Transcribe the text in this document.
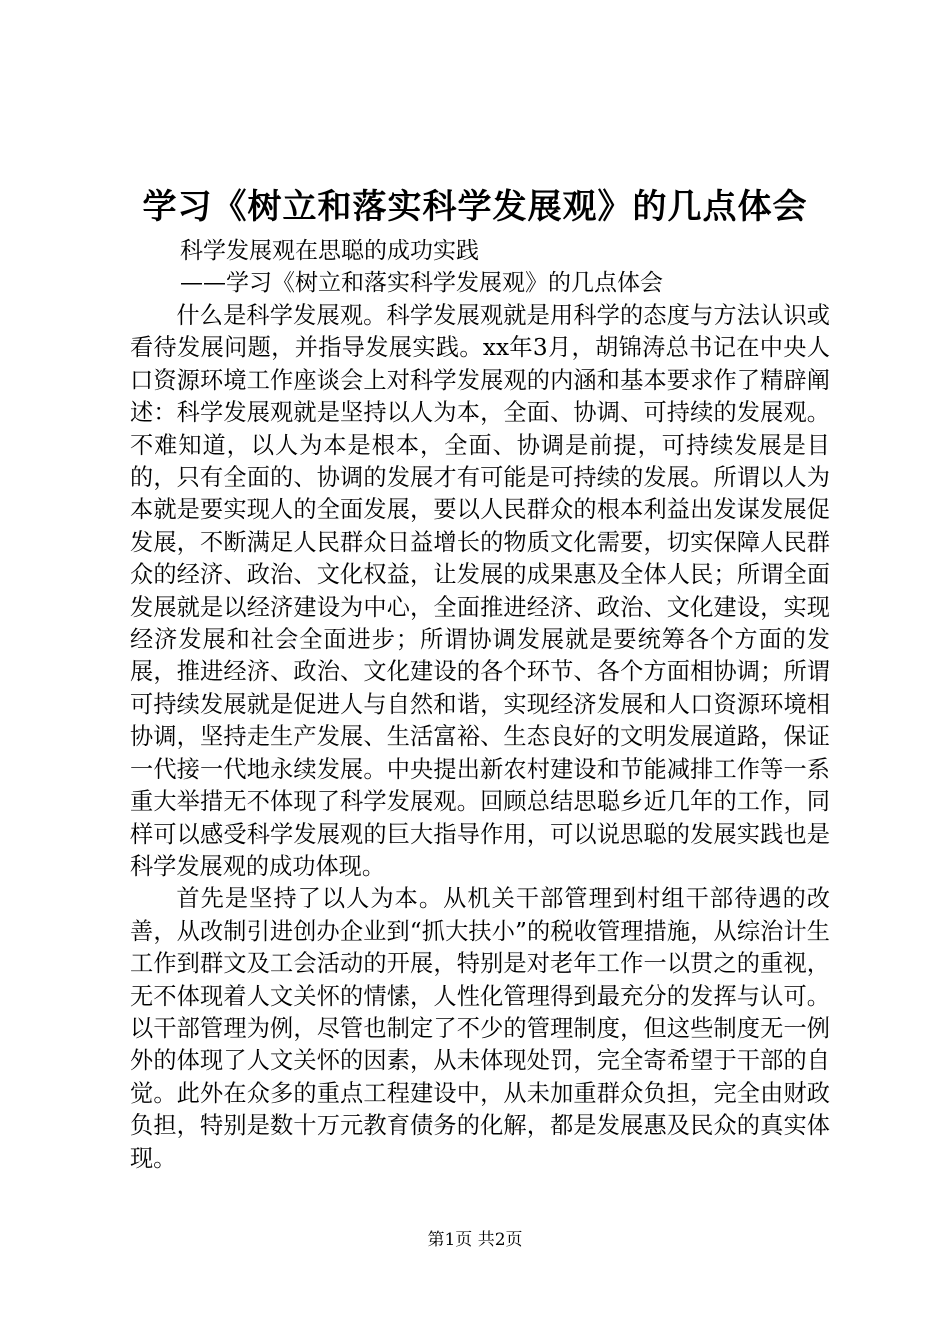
学习《树立和落实科学发展观》的几点体会
科学发展观在思聪的成功实践
——学习《树立和落实科学发展观》的几点体会

什么是科学发展观。科学发展观就是用科学的态度与方法认识或看待发展问题，并指导发展实践。xx年3月，胡锦涛总书记在中央人口资源环境工作座谈会上对科学发展观的内涵和基本要求作了精辟阐述：科学发展观就是坚持以人为本，全面、协调、可持续的发展观。不难知道，以人为本是根本，全面、协调是前提，可持续发展是目的，只有全面的、协调的发展才有可能是可持续的发展。所谓以人为本就是要实现人的全面发展，要以人民群众的根本利益出发谋发展促发展，不断满足人民群众日益增长的物质文化需要，切实保障人民群众的经济、政治、文化权益，让发展的成果惠及全体人民；所谓全面发展就是以经济建设为中心，全面推进经济、政治、文化建设，实现经济发展和社会全面进步；所谓协调发展就是要统筹各个方面的发展，推进经济、政治、文化建设的各个环节、各个方面相协调；所谓可持续发展就是促进人与自然和谐，实现经济发展和人口资源环境相协调，坚持走生产发展、生活富裕、生态良好的文明发展道路，保证一代接一代地永续发展。中央提出新农村建设和节能减排工作等一系重大举措无不体现了科学发展观。回顾总结思聪乡近几年的工作，同样可以感受科学发展观的巨大指导作用，可以说思聪的发展实践也是科学发展观的成功体现。

首先是坚持了以人为本。从机关干部管理到村组干部待遇的改善，从改制引进创办企业到“抓大扶小”的税收管理措施，从综治计生工作到群文及工会活动的开展，特别是对老年工作一以贯之的重视，无不体现着人文关怀的情愫，人性化管理得到最充分的发挥与认可。以干部管理为例，尽管也制定了不少的管理制度，但这些制度无一例外的体现了人文关怀的因素，从未体现处罚，完全寄希望于干部的自觉。此外在众多的重点工程建设中，从未加重群众负担，完全由财政负担，特别是数十万元教育债务的化解，都是发展惠及民众的真实体现。

第1页 共2页
